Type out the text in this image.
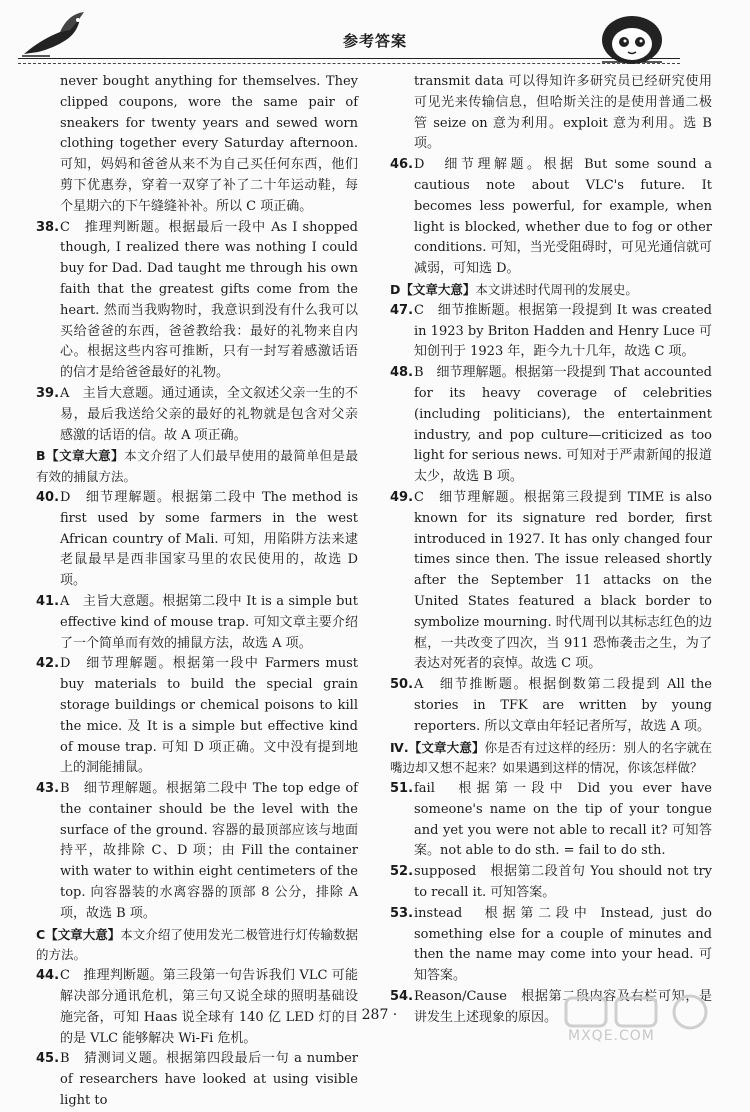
参考答案

never bought anything for themselves. They clipped coupons, wore the same pair of sneakers for twenty years and sewed worn clothing together every Saturday afternoon. 可知，妈妈和爸爸从来不为自己买任何东西，他们剪下优惠券，穿着一双穿了补了二十年运动鞋，每个星期六的下午缝缝补补。所以 C 项正确。

38.C　推理判断题。根据最后一段中 As I shopped though, I realized there was nothing I could buy for Dad. Dad taught me through his own faith that the greatest gifts come from the heart. 然而当我购物时，我意识到没有什么我可以买给爸爸的东西，爸爸教给我：最好的礼物来自内心。根据这些内容可推断，只有一封写着感激话语的信才是给爸爸最好的礼物。

39.A　主旨大意题。通过通读，全文叙述父亲一生的不易，最后我送给父亲的最好的礼物就是包含对父亲感激的话语的信。故 A 项正确。

B【文章大意】本文介绍了人们最早使用的最简单但是最有效的捕鼠方法。

40.D　细节理解题。根据第二段中 The method is first used by some farmers in the west African country of Mali. 可知，用陷阱方法来逮老鼠最早是西非国家马里的农民使用的，故选 D 项。

41.A　主旨大意题。根据第二段中 It is a simple but effective kind of mouse trap. 可知文章主要介绍了一个简单而有效的捕鼠方法，故选 A 项。

42.D　细节理解题。根据第一段中 Farmers must buy materials to build the special grain storage buildings or chemical poisons to kill the mice. 及 It is a simple but effective kind of mouse trap. 可知 D 项正确。文中没有提到地上的洞能捕鼠。

43.B　细节理解题。根据第二段中 The top edge of the container should be the level with the surface of the ground. 容器的最顶部应该与地面持平，故排除 C、D 项；由 Fill the container with water to within eight centimeters of the top. 向容器装的水离容器的顶部 8 公分，排除 A 项，故选 B 项。

C【文章大意】本文介绍了使用发光二极管进行灯传输数据的方法。

44.C　推理判断题。第三段第一句告诉我们 VLC 可能解决部分通讯危机，第三句又说全球的照明基础设施完备，可知 Haas 说全球有 140 亿 LED 灯的目的是 VLC 能够解决 Wi-Fi 危机。

45.B　猜测词义题。根据第四段最后一句 a number of researchers have looked at using visible light to

transmit data 可以得知许多研究员已经研究使用可见光来传输信息，但哈斯关注的是使用普通二极管 seize on 意为利用。exploit 意为利用。选 B 项。

46.D　细节理解题。根据 But some sound a cautious note about VLC's future. It becomes less powerful, for example, when light is blocked, whether due to fog or other conditions. 可知，当光受阻碍时，可见光通信就可减弱，可知选 D。

D【文章大意】本文讲述时代周刊的发展史。

47.C　细节推断题。根据第一段提到 It was created in 1923 by Briton Hadden and Henry Luce 可知创刊于 1923 年，距今九十几年，故选 C 项。

48.B　细节理解题。根据第一段提到 That accounted for its heavy coverage of celebrities (including politicians), the entertainment industry, and pop culture—criticized as too light for serious news. 可知对于严肃新闻的报道太少，故选 B 项。

49.C　细节理解题。根据第三段提到 TIME is also known for its signature red border, first introduced in 1927. It has only changed four times since then. The issue released shortly after the September 11 attacks on the United States featured a black border to symbolize mourning. 时代周刊以其标志红色的边框，一共改变了四次，当 911 恐怖袭击之生，为了表达对死者的哀悼。故选 C 项。

50.A　细节推断题。根据倒数第二段提到 All the stories in TFK are written by young reporters. 所以文章由年轻记者所写，故选 A 项。

Ⅳ.【文章大意】你是否有过这样的经历：别人的名字就在嘴边却又想不起来？如果遇到这样的情况，你该怎样做？

51.fail　根据第一段中 Did you ever have someone's name on the tip of your tongue and yet you were not able to recall it? 可知答案。not able to do sth. = fail to do sth.

52.supposed　根据第二段首句 You should not try to recall it. 可知答案。

53.instead　根据第二段中 Instead, just do something else for a couple of minutes and then the name may come into your head. 可知答案。

54.Reason/Cause　根据第二段内容及右栏可知，是讲发生上述现象的原因。

· 287 ·
MXQE.COM
